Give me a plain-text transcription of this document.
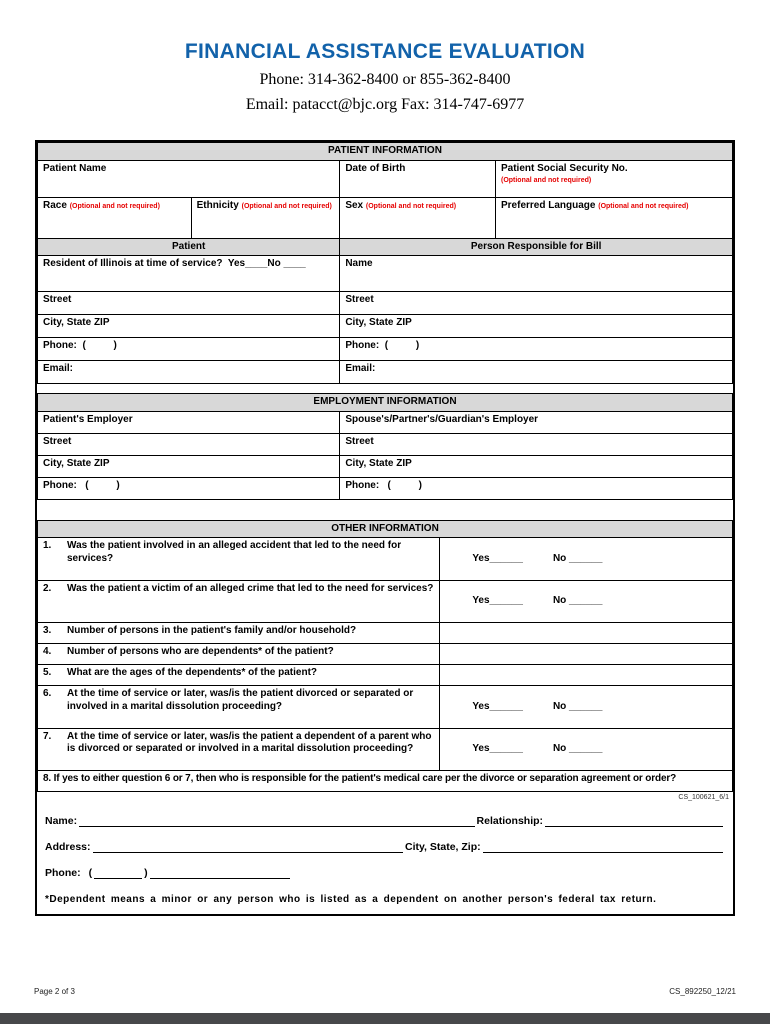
FINANCIAL ASSISTANCE EVALUATION
Phone: 314-362-8400 or 855-362-8400
Email: patacct@bjc.org Fax: 314-747-6977
PATIENT INFORMATION			
Patient Name		Date of Birth	Patient Social Security No.
(Optional and not required)

Race (Optional and not required)	Ethnicity (Optional and not required)	Sex (Optional and not required)	Preferred Language (Optional and not required)
Patient		Person Responsible for Bill	
Resident of Illinois at time of service?  Yes____No ____		Name	
Street		Street	
City, State ZIP		City, State ZIP	
Phone:  (          )		Phone:  (          )	
Email:		Email:	
EMPLOYMENT INFORMATION	
Patient's Employer	Spouse's/Partner's/Guardian's Employer
Street	Street
City, State ZIP	City, State ZIP
Phone:   (          )	Phone:   (          )
OTHER INFORMATION	

1. Was the patient involved in an alleged accident that led to the need for services?	Yes______ No ______

2. Was the patient a victim of an alleged crime that led to the need for services?	Yes______ No ______

3. Number of persons in the patient's family and/or household?	

4. Number of persons who are dependents* of the patient?	

5. What are the ages of the dependents* of the patient?	

6. At the time of service or later, was/is the patient divorced or separated or involved in a marital dissolution proceeding?	Yes______ No ______

7. At the time of service or later, was/is the patient a dependent of a parent who is divorced or separated or involved in a marital dissolution proceeding?	Yes______ No ______

8. If yes to either question 6 or 7, then who is responsible for the patient's medical care per the divorce or separation agreement or order?	
CS_100621_6/1
Name:	Relationship:
Address:	City, State, Zip:
Phone: (	)
*Dependent means a minor or any person who is listed as a dependent on another person's federal tax return.
Page 2 of 3	CS_892250_12/21
